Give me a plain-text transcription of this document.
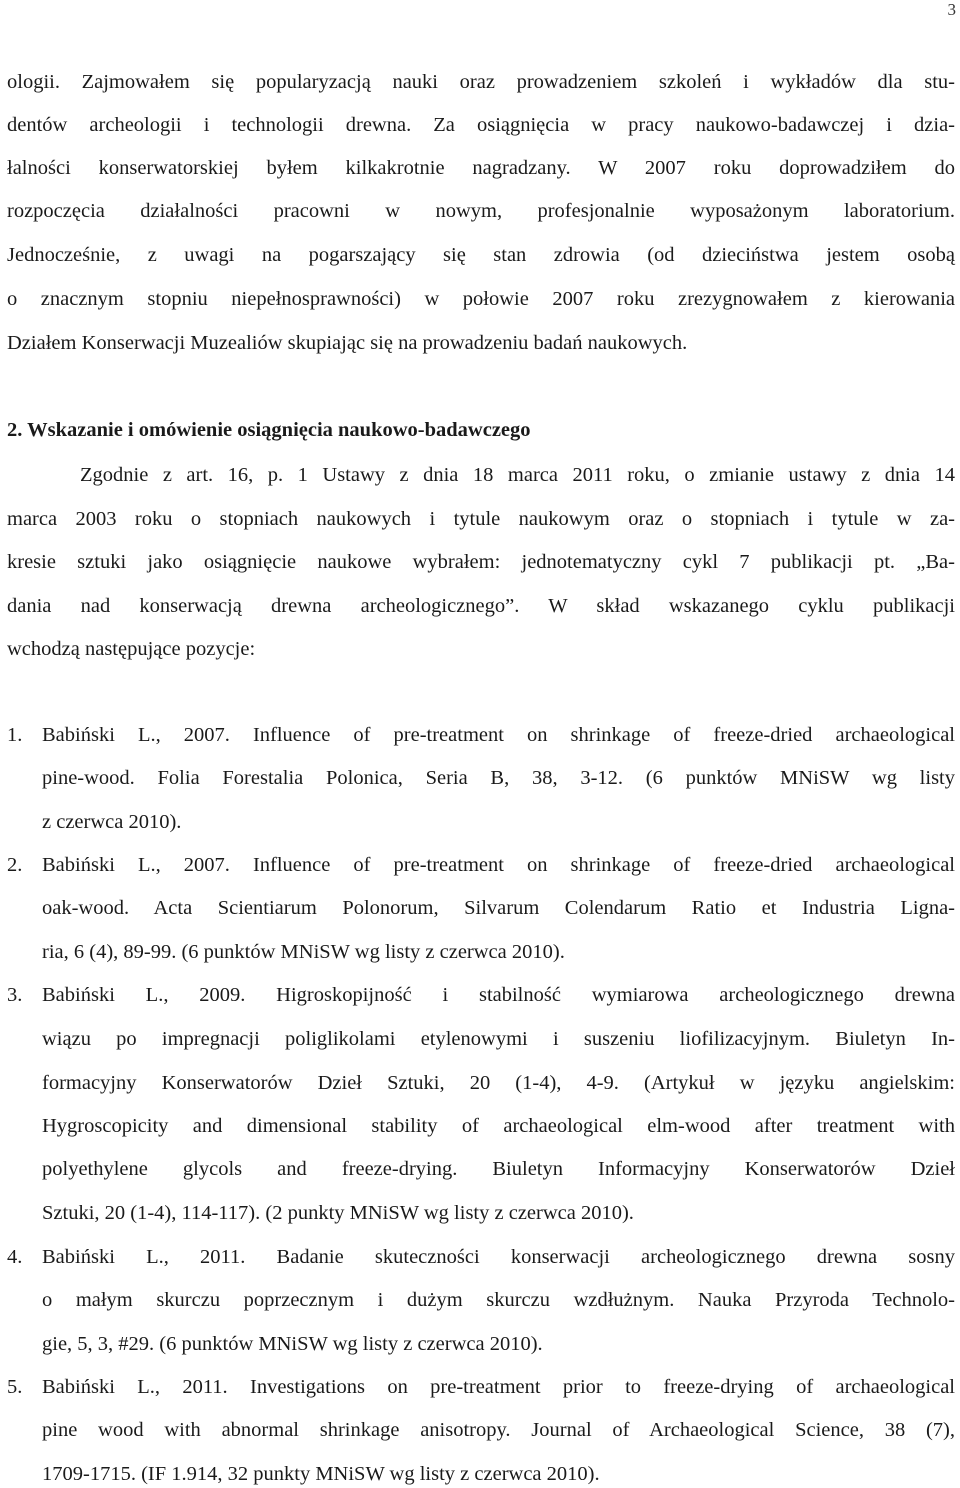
3
ologii. Zajmowałem się popularyzacją nauki oraz prowadzeniem szkoleń i wykładów dla stu-
dentów archeologii i technologii drewna. Za osiągnięcia w pracy naukowo-badawczej i dzia-
łalności konserwatorskiej byłem kilkakrotnie nagradzany. W 2007 roku doprowadziłem do
rozpoczęcia działalności pracowni w nowym, profesjonalnie wyposażonym laboratorium.
Jednocześnie, z uwagi na pogarszający się stan zdrowia (od dzieciństwa jestem osobą
o znacznym stopniu niepełnosprawności) w połowie 2007 roku zrezygnowałem z kierowania
Działem Konserwacji Muzealiów skupiając się na prowadzeniu badań naukowych.
2. Wskazanie i omówienie osiągnięcia naukowo-badawczego
Zgodnie z art. 16, p. 1 Ustawy z dnia 18 marca 2011 roku, o zmianie ustawy z dnia 14
marca 2003 roku o stopniach naukowych i tytule naukowym oraz o stopniach i tytule w za-
kresie sztuki jako osiągnięcie naukowe wybrałem: jednotematyczny cykl 7 publikacji pt. „Ba-
dania nad konserwacją drewna archeologicznego”. W skład wskazanego cyklu publikacji
wchodzą następujące pozycje:
1. Babiński L., 2007. Influence of pre-treatment on shrinkage of freeze-dried archaeological
pine-wood. Folia Forestalia Polonica, Seria B, 38, 3-12. (6 punktów MNiSW wg listy
z czerwca 2010).
2. Babiński L., 2007. Influence of pre-treatment on shrinkage of freeze-dried archaeological
oak-wood. Acta Scientiarum Polonorum, Silvarum Colendarum Ratio et Industria Ligna-
ria, 6 (4), 89-99. (6 punktów MNiSW wg listy z czerwca 2010).
3. Babiński L., 2009. Higroskopijność i stabilność wymiarowa archeologicznego drewna
wiązu po impregnacji poliglikolami etylenowymi i suszeniu liofilizacyjnym. Biuletyn In-
formacyjny Konserwatorów Dzieł Sztuki, 20 (1-4), 4-9. (Artykuł w języku angielskim:
Hygroscopicity and dimensional stability of archaeological elm-wood after treatment with
polyethylene glycols and freeze-drying. Biuletyn Informacyjny Konserwatorów Dzieł
Sztuki, 20 (1-4), 114-117). (2 punkty MNiSW wg listy z czerwca 2010).
4. Babiński L., 2011. Badanie skuteczności konserwacji archeologicznego drewna sosny
o małym skurczu poprzecznym i dużym skurczu wzdłużnym. Nauka Przyroda Technolo-
gie, 5, 3, #29. (6 punktów MNiSW wg listy z czerwca 2010).
5. Babiński L., 2011. Investigations on pre-treatment prior to freeze-drying of archaeological
pine wood with abnormal shrinkage anisotropy. Journal of Archaeological Science, 38 (7),
1709-1715. (IF 1.914, 32 punkty MNiSW wg listy z czerwca 2010).
